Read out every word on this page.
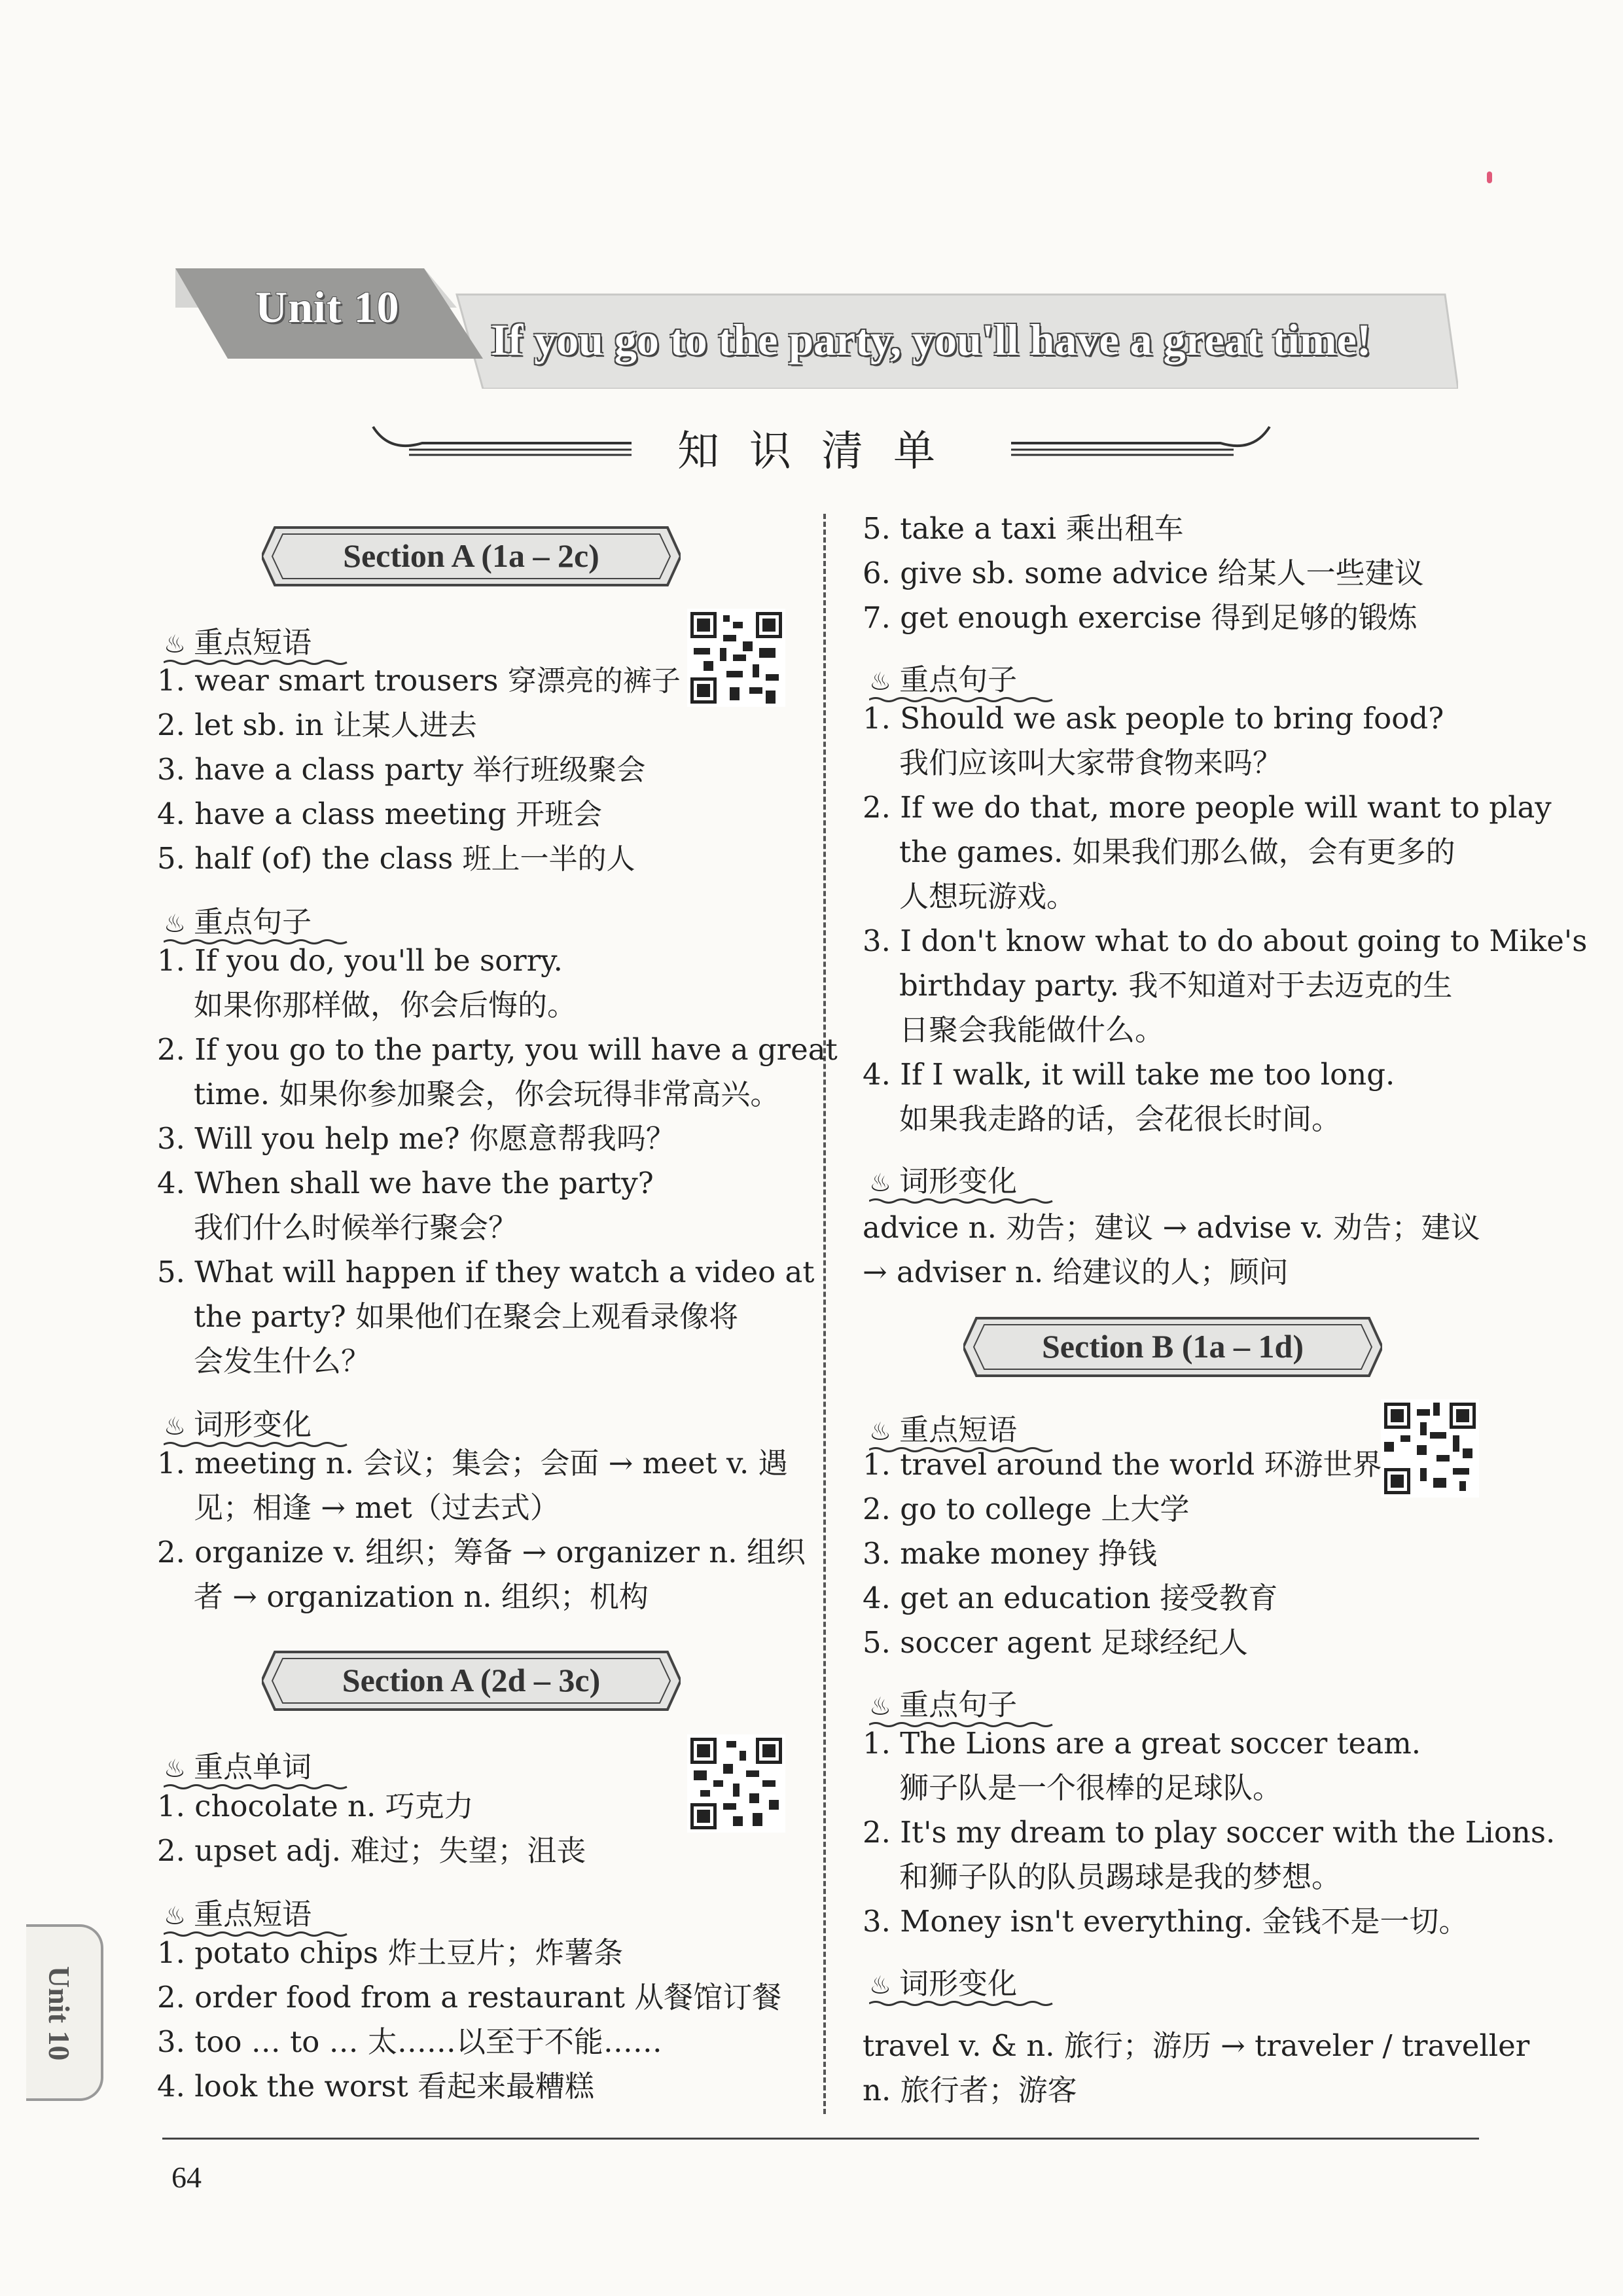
Unit 10
If you go to the party, you'll have a great time!
知识清单
Section A (1a – 2c)
♨ 重点短语
1. wear smart trousers 穿漂亮的裤子
2. let sb. in 让某人进去
3. have a class party 举行班级聚会
4. have a class meeting 开班会
5. half (of) the class 班上一半的人
♨ 重点句子
1. If you do, you'll be sorry.
如果你那样做，你会后悔的。
2. If you go to the party, you will have a great
time. 如果你参加聚会，你会玩得非常高兴。
3. Will you help me? 你愿意帮我吗？
4. When shall we have the party?
我们什么时候举行聚会？
5. What will happen if they watch a video at
the party? 如果他们在聚会上观看录像将
会发生什么？
♨ 词形变化
1. meeting n. 会议；集会；会面 → meet v. 遇
见；相逢 → met（过去式）
2. organize v. 组织；筹备 → organizer n. 组织
者 → organization n. 组织；机构
Section A (2d – 3c)
♨ 重点单词
1. chocolate n. 巧克力
2. upset adj. 难过；失望；沮丧
♨ 重点短语
1. potato chips 炸土豆片；炸薯条
2. order food from a restaurant 从餐馆订餐
3. too … to … 太……以至于不能……
4. look the worst 看起来最糟糕
5. take a taxi 乘出租车
6. give sb. some advice 给某人一些建议
7. get enough exercise 得到足够的锻炼
♨ 重点句子
1. Should we ask people to bring food?
我们应该叫大家带食物来吗？
2. If we do that, more people will want to play
the games. 如果我们那么做，会有更多的
人想玩游戏。
3. I don't know what to do about going to Mike's
birthday party. 我不知道对于去迈克的生
日聚会我能做什么。
4. If I walk, it will take me too long.
如果我走路的话，会花很长时间。
♨ 词形变化
advice n. 劝告；建议 → advise v. 劝告；建议
→ adviser n. 给建议的人；顾问
Section B (1a – 1d)
♨ 重点短语
1. travel around the world 环游世界
2. go to college 上大学
3. make money 挣钱
4. get an education 接受教育
5. soccer agent 足球经纪人
♨ 重点句子
1. The Lions are a great soccer team.
狮子队是一个很棒的足球队。
2. It's my dream to play soccer with the Lions.
和狮子队的队员踢球是我的梦想。
3. Money isn't everything. 金钱不是一切。
♨ 词形变化
travel v. & n. 旅行；游历 → traveler / traveller
n. 旅行者；游客
Unit 10
64
